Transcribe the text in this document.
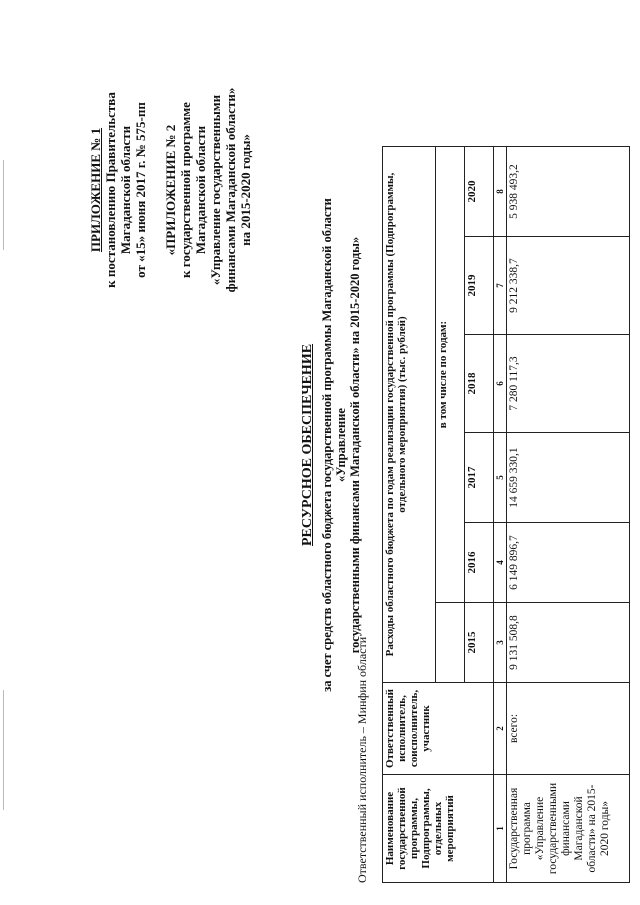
ПРИЛОЖЕНИЕ № 1 к постановлению Правительства Магаданской области от «15» июня 2017 г. № 575-пп «ПРИЛОЖЕНИЕ № 2 к государственной программе Магаданской области «Управление государственными финансами Магаданской области» на 2015-2020 годы»
РЕСУРСНОЕ ОБЕСПЕЧЕНИЕ за счет средств областного бюджета государственной программы Магаданской области «Управление государственными финансами Магаданской области» на 2015-2020 годы»
Ответственный исполнитель – Минфин области Наименование государственной программы, Подпрограммы, отдельных мероприятий	Ответственный исполнитель, соисполнитель, участник	Расходы областного бюджета по годам реализации государственной программы (Подпрограммы, отдельного мероприятия) (тыс. рублей)					
			в том числе по годам:				
		2015	2016	2017	2018	2019	2020
1	2	3	4	5	6	7	8
Государственная программа «Управление государственными финансами Магаданской области» на 2015-2020 годы»	всего:	9 131 508,8	6 149 896,7	14 659 330,1	7 280 117,3	9 212 338,7	5 938 493,2
